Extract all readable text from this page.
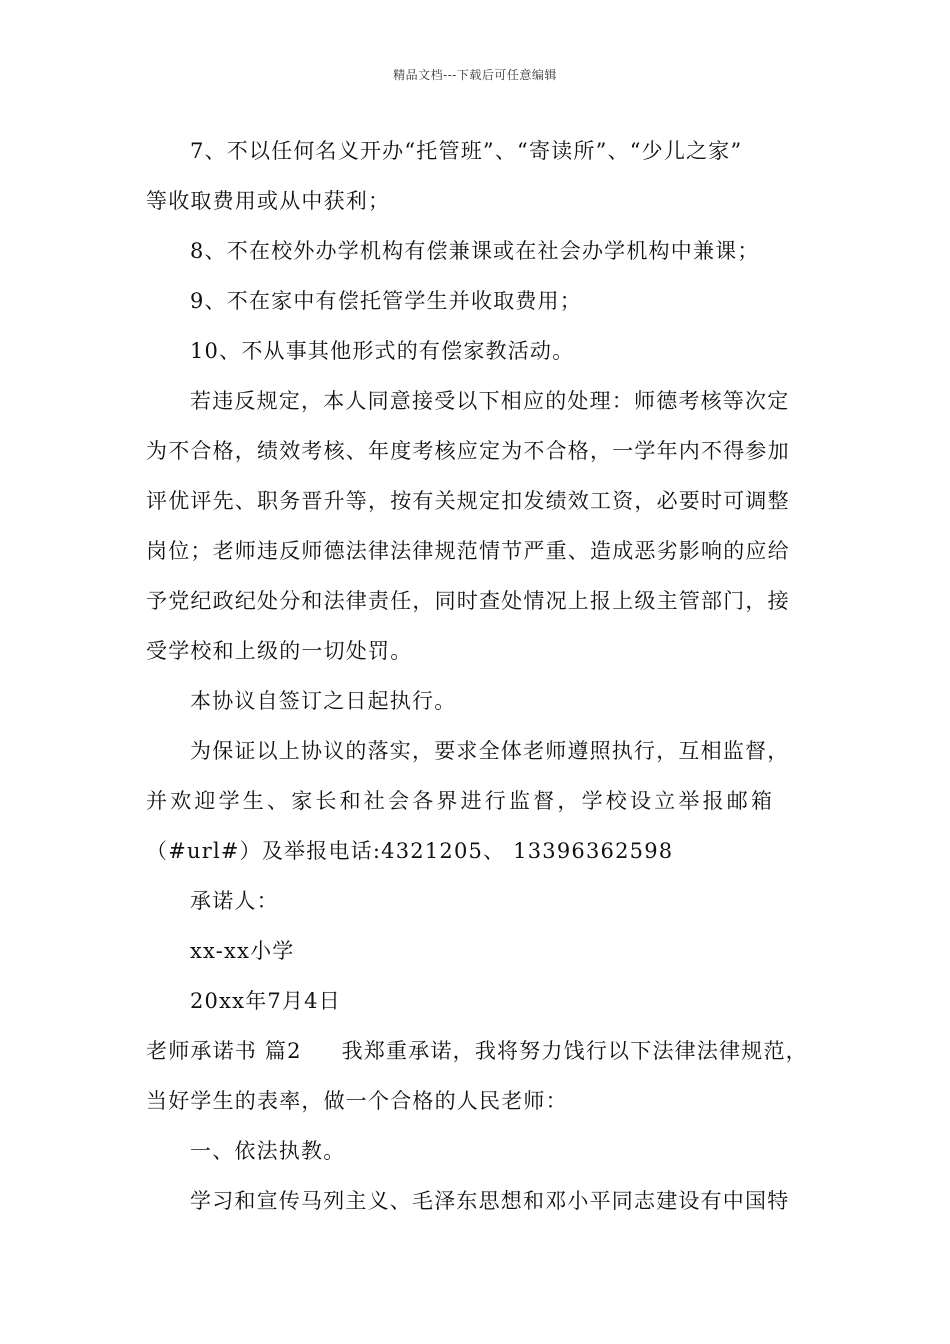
精品文档---下载后可任意编辑
7、不以任何名义开办“托管班”、“寄读所”、“少儿之家”
等收取费用或从中获利；
8、不在校外办学机构有偿兼课或在社会办学机构中兼课；
9、不在家中有偿托管学生并收取费用；
10、不从事其他形式的有偿家教活动。
若违反规定，本人同意接受以下相应的处理：师德考核等次定
为不合格，绩效考核、年度考核应定为不合格，一学年内不得参加
评优评先、职务晋升等，按有关规定扣发绩效工资，必要时可调整
岗位；老师违反师德法律法律规范情节严重、造成恶劣影响的应给
予党纪政纪处分和法律责任，同时查处情况上报上级主管部门，接
受学校和上级的一切处罚。
本协议自签订之日起执行。
为保证以上协议的落实，要求全体老师遵照执行，互相监督，
并欢迎学生、家长和社会各界进行监督，学校设立举报邮箱
（#url#）及举报电话:4321205、 13396362598
承诺人：
xx-xx小学
20xx年7月4日
老师承诺书 篇2 我郑重承诺，我将努力饯行以下法律法律规范，
当好学生的表率，做一个合格的人民老师：
一、依法执教。
学习和宣传马列主义、毛泽东思想和邓小平同志建设有中国特
